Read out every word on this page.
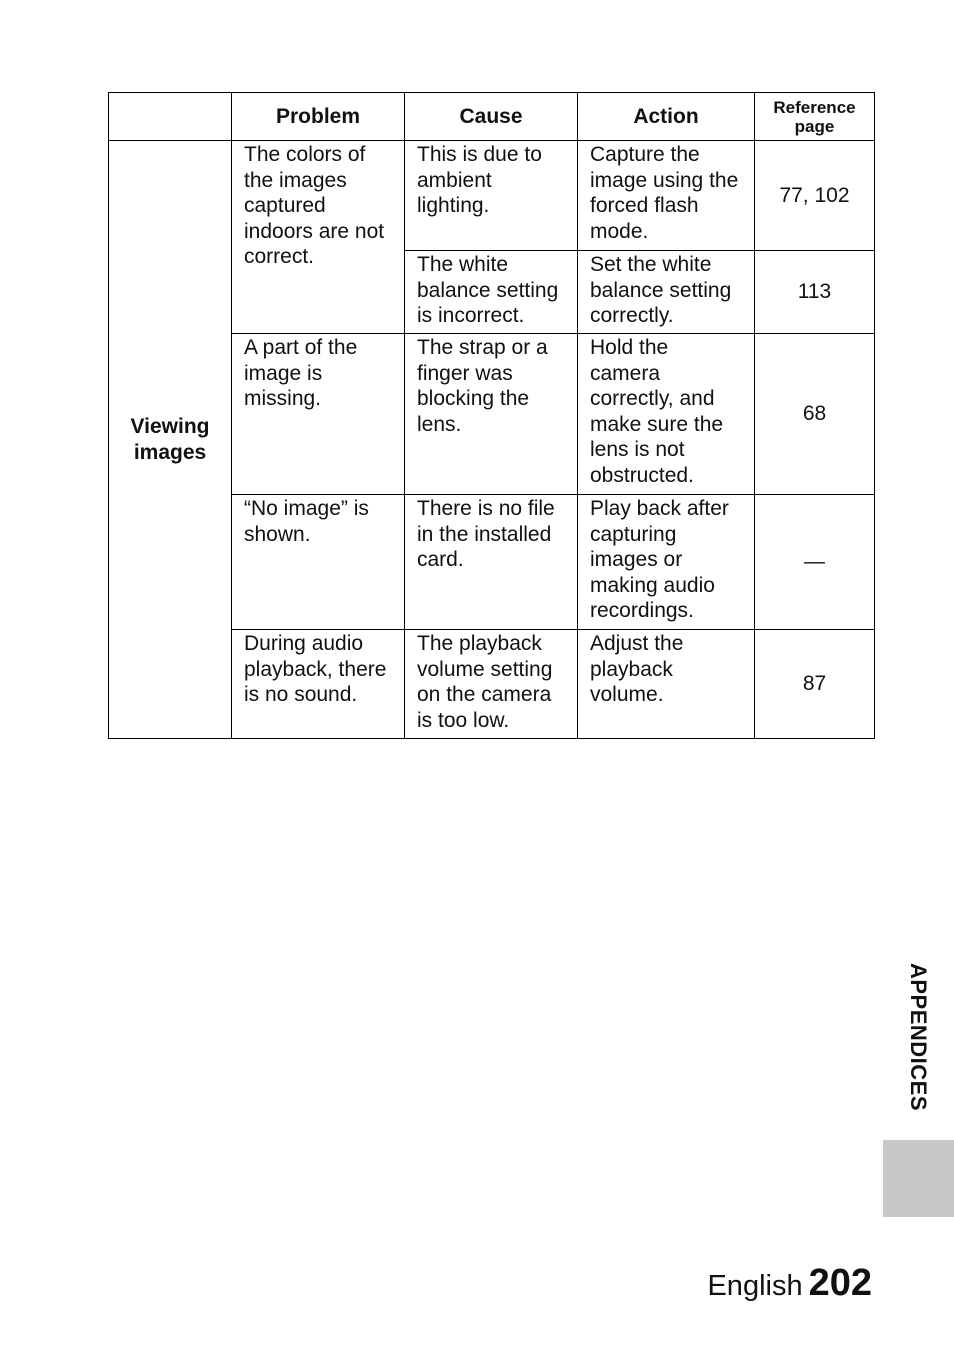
	Problem	Cause	Action	Reference page
Viewing images	The colors of the images captured indoors are not correct.	This is due to ambient lighting.	Capture the image using the forced flash mode.	77, 102
		The white balance setting is incorrect.	Set the white balance setting correctly.	113
	A part of the image is missing.	The strap or a finger was blocking the lens.	Hold the camera correctly, and make sure the lens is not obstructed.	68
	“No image” is shown.	There is no file in the installed card.	Play back after capturing images or making audio recordings.	—
	During audio playback, there is no sound.	The playback volume setting on the camera is too low.	Adjust the playback volume.	87
APPENDICES
English 202
